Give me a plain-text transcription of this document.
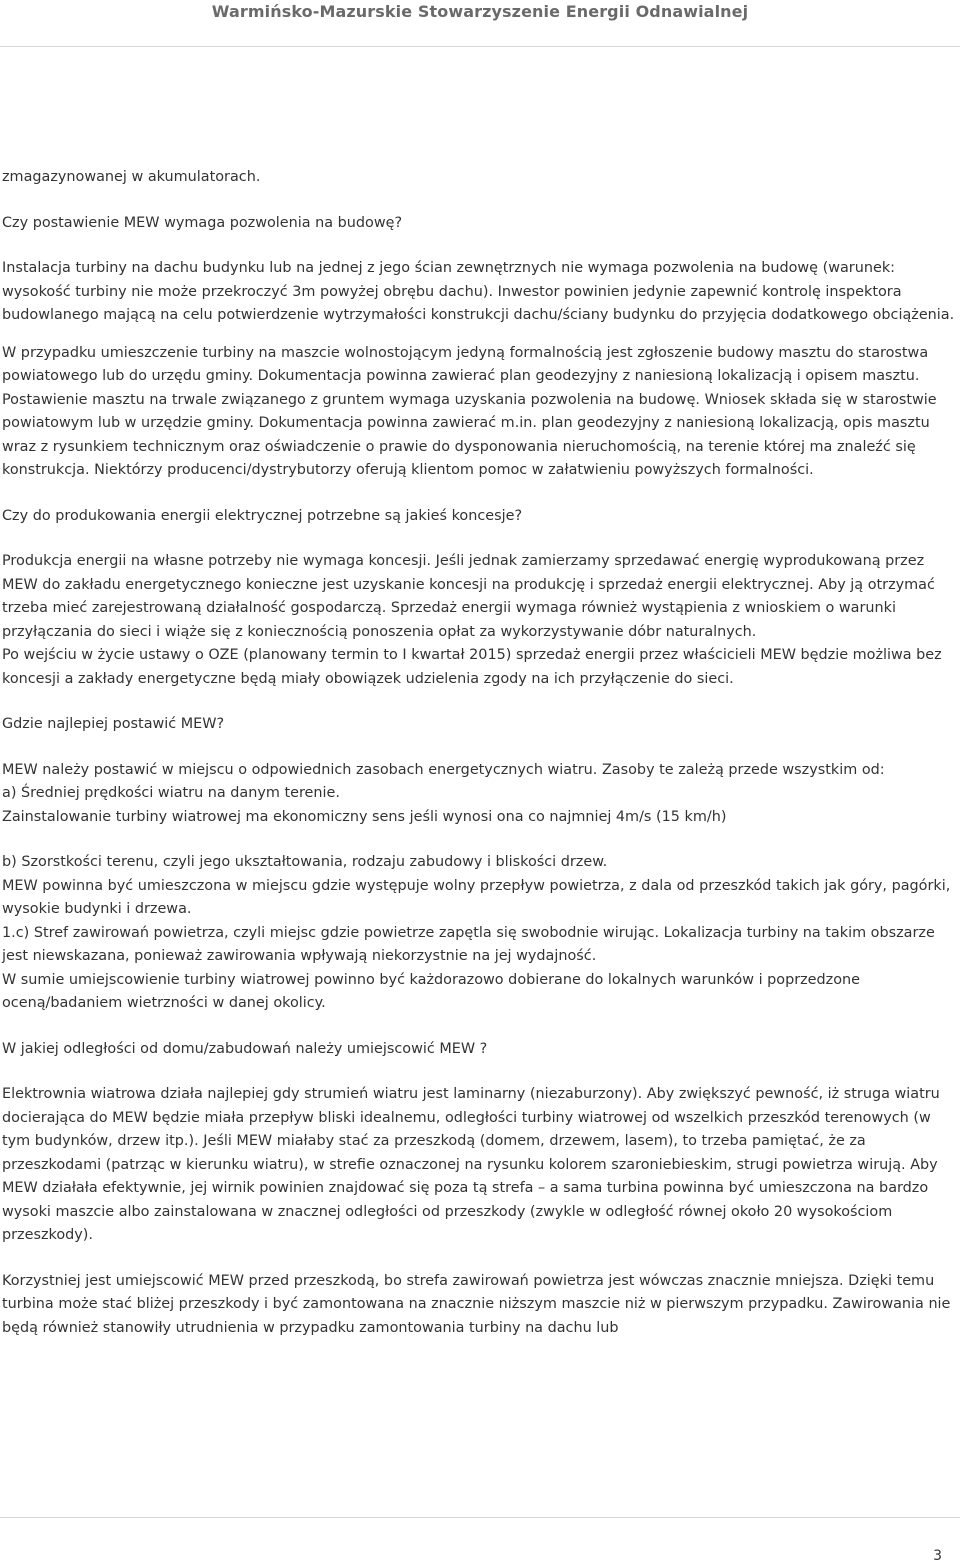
Warmińsko-Mazurskie Stowarzyszenie Energii Odnawialnej

zmagazynowanej w akumulatorach.

Czy postawienie MEW wymaga pozwolenia na budowę?

Instalacja turbiny na dachu budynku lub na jednej z jego ścian zewnętrznych nie wymaga pozwolenia na budowę (warunek: wysokość turbiny nie może przekroczyć 3m powyżej obrębu dachu). Inwestor powinien jedynie zapewnić kontrolę inspektora budowlanego mającą na celu potwierdzenie wytrzymałości konstrukcji dachu/ściany budynku do przyjęcia dodatkowego obciążenia.

W przypadku umieszczenie turbiny na maszcie wolnostojącym jedyną formalnością jest zgłoszenie budowy masztu do starostwa powiatowego lub do urzędu gminy. Dokumentacja powinna zawierać plan geodezyjny z naniesioną lokalizacją i opisem masztu.

Postawienie masztu na trwale związanego z gruntem wymaga uzyskania pozwolenia na budowę. Wniosek składa się w starostwie powiatowym lub w urzędzie gminy. Dokumentacja powinna zawierać m.in. plan geodezyjny z naniesioną lokalizacją, opis masztu wraz z rysunkiem technicznym oraz oświadczenie o prawie do dysponowania nieruchomością, na terenie której ma znaleźć się konstrukcja. Niektórzy producenci/dystrybutorzy oferują klientom pomoc w załatwieniu powyższych formalności.

Czy do produkowania energii elektrycznej potrzebne są jakieś koncesje?

Produkcja energii na własne potrzeby nie wymaga koncesji. Jeśli jednak zamierzamy sprzedawać energię wyprodukowaną przez MEW do zakładu energetycznego konieczne jest uzyskanie koncesji na produkcję i sprzedaż energii elektrycznej. Aby ją otrzymać trzeba mieć zarejestrowaną działalność gospodarczą. Sprzedaż energii wymaga również wystąpienia z wnioskiem o warunki przyłączania do sieci i wiąże się z koniecznością ponoszenia opłat za wykorzystywanie dóbr naturalnych.

Po wejściu w życie ustawy o OZE (planowany termin to I kwartał 2015) sprzedaż energii przez właścicieli MEW będzie możliwa bez koncesji a zakłady energetyczne będą miały obowiązek udzielenia zgody na ich przyłączenie do sieci.

Gdzie najlepiej postawić MEW?

MEW należy postawić w miejscu o odpowiednich zasobach energetycznych wiatru. Zasoby te zależą przede wszystkim od:

a) Średniej prędkości wiatru na danym terenie.

Zainstalowanie turbiny wiatrowej ma ekonomiczny sens jeśli wynosi ona co najmniej 4m/s (15 km/h)

b) Szorstkości terenu, czyli jego ukształtowania, rodzaju zabudowy i bliskości drzew.

MEW powinna być umieszczona w miejscu gdzie występuje wolny przepływ powietrza, z dala od przeszkód takich jak góry, pagórki, wysokie budynki i drzewa.

1.c) Stref zawirowań powietrza, czyli miejsc gdzie powietrze zapętla się swobodnie wirując. Lokalizacja turbiny na takim obszarze jest niewskazana, ponieważ zawirowania wpływają niekorzystnie na jej wydajność.

W sumie umiejscowienie turbiny wiatrowej powinno być każdorazowo dobierane do lokalnych warunków i poprzedzone oceną/badaniem wietrzności w danej okolicy.

W jakiej odległości od domu/zabudowań należy umiejscowić MEW ?

Elektrownia wiatrowa działa najlepiej gdy strumień wiatru jest laminarny (niezaburzony). Aby zwiększyć pewność, iż struga wiatru docierająca do MEW będzie miała przepływ bliski idealnemu, odległości turbiny wiatrowej od wszelkich przeszkód terenowych (w tym budynków, drzew itp.). Jeśli MEW miałaby stać za przeszkodą (domem, drzewem, lasem), to trzeba pamiętać, że za przeszkodami (patrząc w kierunku wiatru), w strefie oznaczonej na rysunku kolorem szaroniebieskim, strugi powietrza wirują. Aby MEW działała efektywnie, jej wirnik powinien znajdować się poza tą strefa – a sama turbina powinna być umieszczona na bardzo wysoki maszcie albo zainstalowana w znacznej odległości od przeszkody (zwykle w odległość równej około 20 wysokościom przeszkody).

Korzystniej jest umiejscowić MEW przed przeszkodą, bo strefa zawirowań powietrza jest wówczas znacznie mniejsza. Dzięki temu turbina może stać bliżej przeszkody i być zamontowana na znacznie niższym maszcie niż w pierwszym przypadku. Zawirowania nie będą również stanowiły utrudnienia w przypadku zamontowania turbiny na dachu lub

3
